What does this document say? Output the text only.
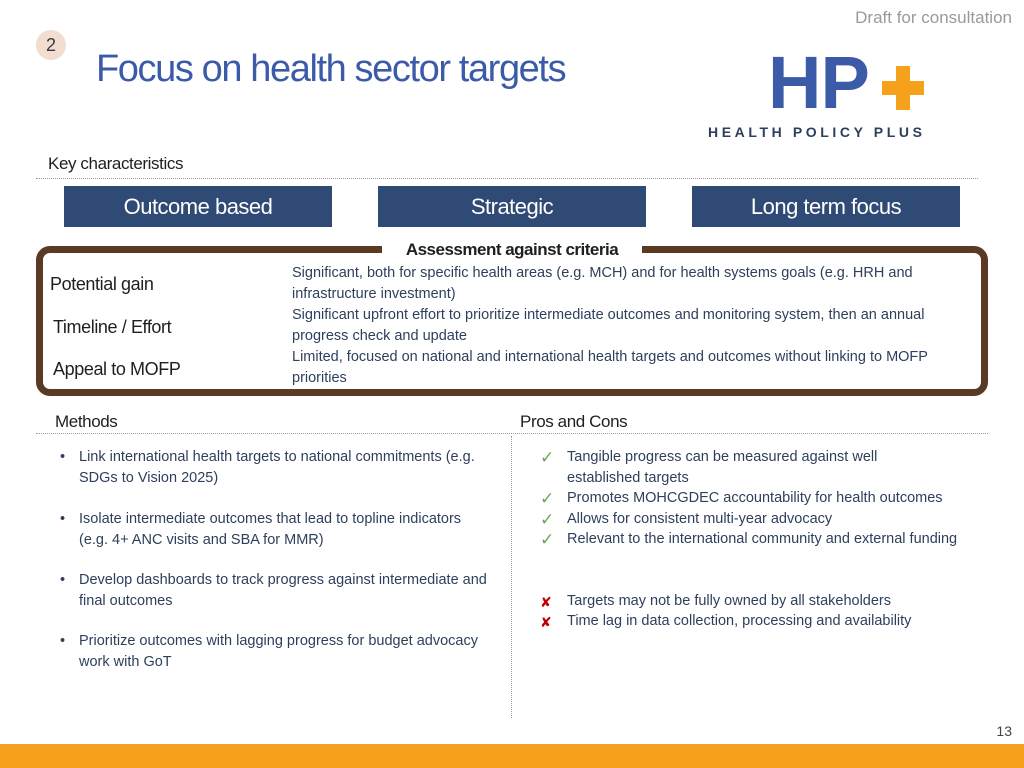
Draft for consultation
2
Focus on health sector targets	HP
HEALTH POLICY PLUS
Key characteristics
Outcome based	Strategic	Long term focus
Assessment against criteria
Potential gain
Significant, both for specific health areas (e.g. MCH) and for health systems goals (e.g. HRH and infrastructure investment)
Timeline / Effort
Significant upfront effort to prioritize intermediate outcomes and monitoring system, then an annual progress check and update
Appeal to MOFP
Limited, focused on national and international health targets and outcomes without linking to MOFP priorities
Methods	Pros and Cons
• Link international health targets to national commitments (e.g. SDGs to Vision 2025)
• Isolate intermediate outcomes that lead to topline indicators (e.g. 4+ ANC visits and SBA for MMR)
• Develop dashboards to track progress against intermediate and final outcomes
• Prioritize outcomes with lagging progress for budget advocacy work with GoT
✓ Tangible progress can be measured against well established targets
✓ Promotes MOHCGDEC accountability for health outcomes
✓ Allows for consistent multi-year advocacy
✓ Relevant to the international community and external funding
✘ Targets may not be fully owned by all stakeholders
✘ Time lag in data collection, processing and availability
13
